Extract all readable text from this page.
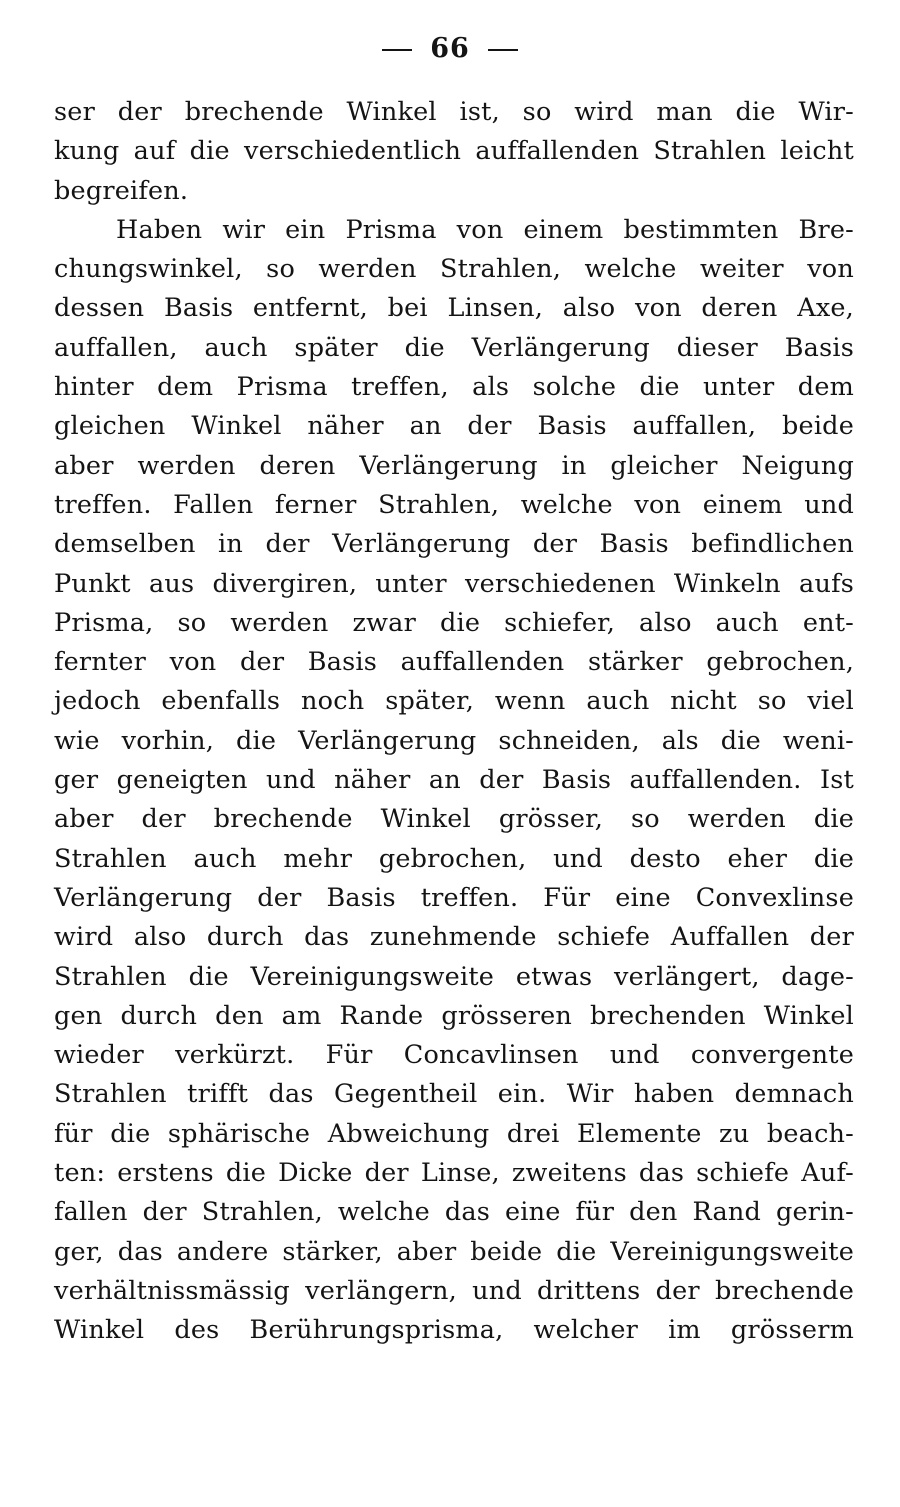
66
ser der brechende Winkel ist, so wird man die Wir-
kung auf die verschiedentlich auffallenden Strahlen leicht
begreifen.
Haben wir ein Prisma von einem bestimmten Bre-
chungswinkel, so werden Strahlen, welche weiter von
dessen Basis entfernt, bei Linsen, also von deren Axe,
auffallen, auch später die Verlängerung dieser Basis
hinter dem Prisma treffen, als solche die unter dem
gleichen Winkel näher an der Basis auffallen, beide
aber werden deren Verlängerung in gleicher Neigung
treffen. Fallen ferner Strahlen, welche von einem und
demselben in der Verlängerung der Basis befindlichen
Punkt aus divergiren, unter verschiedenen Winkeln aufs
Prisma, so werden zwar die schiefer, also auch ent-
fernter von der Basis auffallenden stärker gebrochen,
jedoch ebenfalls noch später, wenn auch nicht so viel
wie vorhin, die Verlängerung schneiden, als die weni-
ger geneigten und näher an der Basis auffallenden. Ist
aber der brechende Winkel grösser, so werden die
Strahlen auch mehr gebrochen, und desto eher die
Verlängerung der Basis treffen. Für eine Convexlinse
wird also durch das zunehmende schiefe Auffallen der
Strahlen die Vereinigungsweite etwas verlängert, dage-
gen durch den am Rande grösseren brechenden Winkel
wieder verkürzt. Für Concavlinsen und convergente
Strahlen trifft das Gegentheil ein. Wir haben demnach
für die sphärische Abweichung drei Elemente zu beach-
ten: erstens die Dicke der Linse, zweitens das schiefe Auf-
fallen der Strahlen, welche das eine für den Rand gerin-
ger, das andere stärker, aber beide die Vereinigungsweite
verhältnissmässig verlängern, und drittens der brechende
Winkel des Berührungsprisma, welcher im grösserm
